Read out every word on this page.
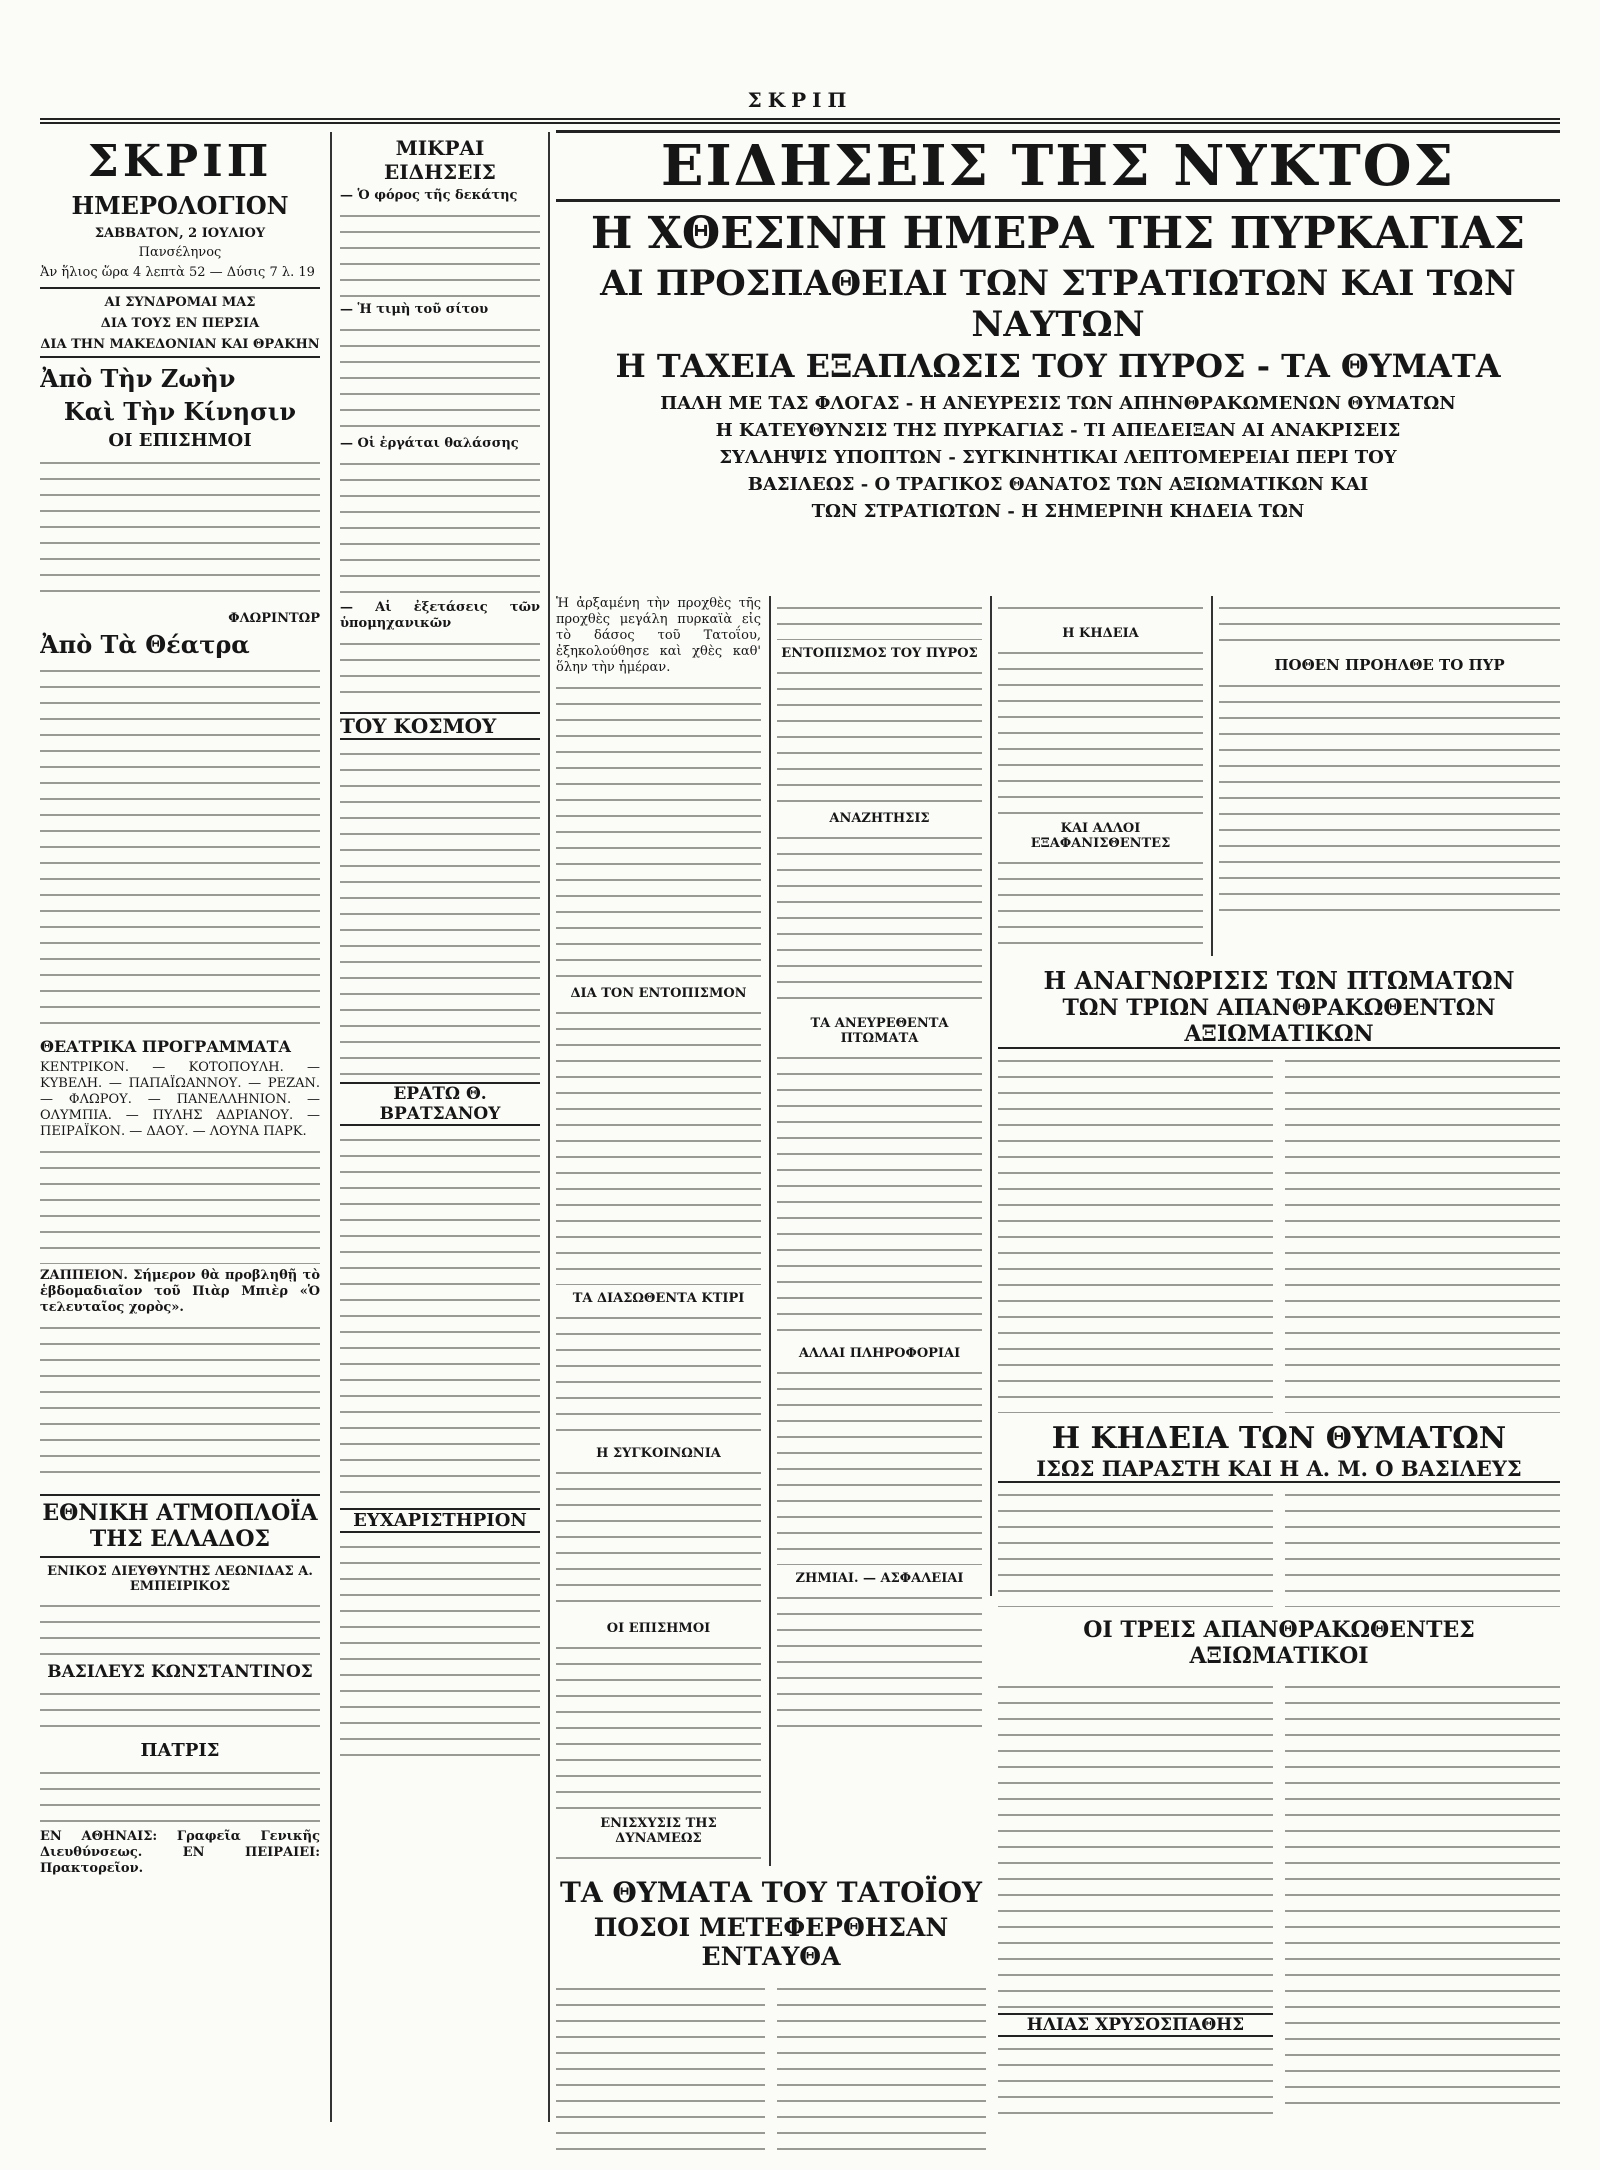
ΣΚΡΙΠ
ΣΚΡΙΠ
ΗΜΕΡΟΛΟΓΙΟΝ
ΣΑΒΒΑΤΟΝ, 2 ΙΟΥΛΙΟΥ

Πανσέληνος

Ἀν ἥλιος ὥρα 4 λεπτὰ 52 — Δύσις 7 λ. 19

ΑΙ ΣΥΝΔΡΟΜΑΙ ΜΑΣ
ΔΙΑ ΤΟΥΣ ΕΝ ΠΕΡΣΙΑ
ΔΙΑ ΤΗΝ ΜΑΚΕΔΟΝΙΑΝ ΚΑΙ ΘΡΑΚΗΝ
Ἀπὸ Τὴν Ζωὴν
Καὶ Τὴν Κίνησιν
ΟΙ ΕΠΙΣΗΜΟΙ
ΦΛΩΡΙΝΤΩΡ
Ἀπὸ Τὰ Θέατρα
ΘΕΑΤΡΙΚΑ ΠΡΟΓΡΑΜΜΑΤΑ

ΚΕΝΤΡΙΚΟΝ. — ΚΟΤΟΠΟΥΛΗ. — ΚΥΒΕΛΗ. — ΠΑΠΑΪΩΑΝΝΟΥ. — ΡΕΖΑΝ. — ΦΛΩΡΟΥ. — ΠΑΝΕΛΛΗΝΙΟΝ. — ΟΛΥΜΠΙΑ. — ΠΥΛΗΣ ΑΔΡΙΑΝΟΥ. — ΠΕΙΡΑΪΚΟΝ. — ΔΑΟΥ. — ΛΟΥΝΑ ΠΑΡΚ.

ΖΑΠΠΕΙΟΝ. Σήμερον θὰ προβληθῇ τὸ ἑβδομαδιαῖον τοῦ Πιὰρ Μπιὲρ «Ὁ τελευταῖος χορὸς».

ΕΘΝΙΚΗ ΑΤΜΟΠΛΟΪΑ ΤΗΣ ΕΛΛΑΔΟΣ
ΕΝΙΚΟΣ ΔΙΕΥΘΥΝΤΗΣ ΛΕΩΝΙΔΑΣ Α. ΕΜΠΕΙΡΙΚΟΣ
ΒΑΣΙΛΕΥΣ ΚΩΝΣΤΑΝΤΙΝΟΣ
ΠΑΤΡΙΣ

ΕΝ ΑΘΗΝΑΙΣ: Γραφεῖα Γενικῆς Διευθύνσεως. ΕΝ ΠΕΙΡΑΙΕΙ: Πρακτορεῖον.

ΜΙΚΡΑΙ ΕΙΔΗΣΕΙΣ

— Ὁ φόρος τῆς δεκάτης

— Ἡ τιμὴ τοῦ σίτου

— Οἱ ἐργάται θαλάσσης

— Αἱ ἐξετάσεις τῶν ὑπομηχανικῶν

ΤΟΥ ΚΟΣΜΟΥ
ΕΡΑΤΩ Θ. ΒΡΑΤΣΑΝΟΥ
ΕΥΧΑΡΙΣΤΗΡΙΟΝ
ΕΙΔΗΣΕΙΣ ΤΗΣ ΝΥΚΤΟΣ
Η ΧΘΕΣΙΝΗ ΗΜΕΡΑ ΤΗΣ ΠΥΡΚΑΓΙΑΣ
ΑΙ ΠΡΟΣΠΑΘΕΙΑΙ ΤΩΝ ΣΤΡΑΤΙΩΤΩΝ ΚΑΙ ΤΩΝ ΝΑΥΤΩΝ
Η ΤΑΧΕΙΑ ΕΞΑΠΛΩΣΙΣ ΤΟΥ ΠΥΡΟΣ - ΤΑ ΘΥΜΑΤΑ
ΠΑΛΗ ΜΕ ΤΑΣ ΦΛΟΓΑΣ - Η ΑΝΕΥΡΕΣΙΣ ΤΩΝ ΑΠΗΝΘΡΑΚΩΜΕΝΩΝ ΘΥΜΑΤΩΝ
Η ΚΑΤΕΥΘΥΝΣΙΣ ΤΗΣ ΠΥΡΚΑΓΙΑΣ - ΤΙ ΑΠΕΔΕΙΞΑΝ ΑΙ ΑΝΑΚΡΙΣΕΙΣ
ΣΥΛΛΗΨΙΣ ΥΠΟΠΤΩΝ - ΣΥΓΚΙΝΗΤΙΚΑΙ ΛΕΠΤΟΜΕΡΕΙΑΙ ΠΕΡΙ ΤΟΥ
ΒΑΣΙΛΕΩΣ - Ο ΤΡΑΓΙΚΟΣ ΘΑΝΑΤΟΣ ΤΩΝ ΑΞΙΩΜΑΤΙΚΩΝ ΚΑΙ
ΤΩΝ ΣΤΡΑΤΙΩΤΩΝ - Η ΣΗΜΕΡΙΝΗ ΚΗΔΕΙΑ ΤΩΝ

Ἡ ἀρξαμένη τὴν προχθὲς τῆς προχθὲς μεγάλη πυρκαϊὰ εἰς τὸ δάσος τοῦ Τατοΐου, ἐξηκολούθησε καὶ χθὲς καθ' ὅλην τὴν ἡμέραν.

ΔΙΑ ΤΟΝ ΕΝΤΟΠΙΣΜΟΝ
ΤΑ ΔΙΑΣΩΘΕΝΤΑ ΚΤΙΡΙ
Η ΣΥΓΚΟΙΝΩΝΙΑ
ΟΙ ΕΠΙΣΗΜΟΙ
ΕΝΙΣΧΥΣΙΣ ΤΗΣ ΔΥΝΑΜΕΩΣ
ΕΝΤΟΠΙΣΜΟΣ ΤΟΥ ΠΥΡΟΣ
ΑΝΑΖΗΤΗΣΙΣ
ΤΑ ΑΝΕΥΡΕΘΕΝΤΑ ΠΤΩΜΑΤΑ
ΑΛΛΑΙ ΠΛΗΡΟΦΟΡΙΑΙ
ΖΗΜΙΑΙ. — ΑΣΦΑΛΕΙΑΙ
Η ΚΗΔΕΙΑ
ΚΑΙ ΑΛΛΟΙ ΕΞΑΦΑΝΙΣΘΕΝΤΕΣ
ΠΟΘΕΝ ΠΡΟΗΛΘΕ ΤΟ ΠΥΡ
Η ΑΝΑΓΝΩΡΙΣΙΣ ΤΩΝ ΠΤΩΜΑΤΩΝ
ΤΩΝ ΤΡΙΩΝ ΑΠΑΝΘΡΑΚΩΘΕΝΤΩΝ ΑΞΙΩΜΑΤΙΚΩΝ
Η ΚΗΔΕΙΑ ΤΩΝ ΘΥΜΑΤΩΝ
ΙΣΩΣ ΠΑΡΑΣΤΗ ΚΑΙ Η Α. Μ. Ο ΒΑΣΙΛΕΥΣ
ΟΙ ΤΡΕΙΣ ΑΠΑΝΘΡΑΚΩΘΕΝΤΕΣ ΑΞΙΩΜΑΤΙΚΟΙ
ΗΛΙΑΣ ΧΡΥΣΟΣΠΑΘΗΣ
ΤΑ ΘΥΜΑΤΑ ΤΟΥ ΤΑΤΟΪΟΥ
ΠΟΣΟΙ ΜΕΤΕΦΕΡΘΗΣΑΝ ΕΝΤΑΥΘΑ
